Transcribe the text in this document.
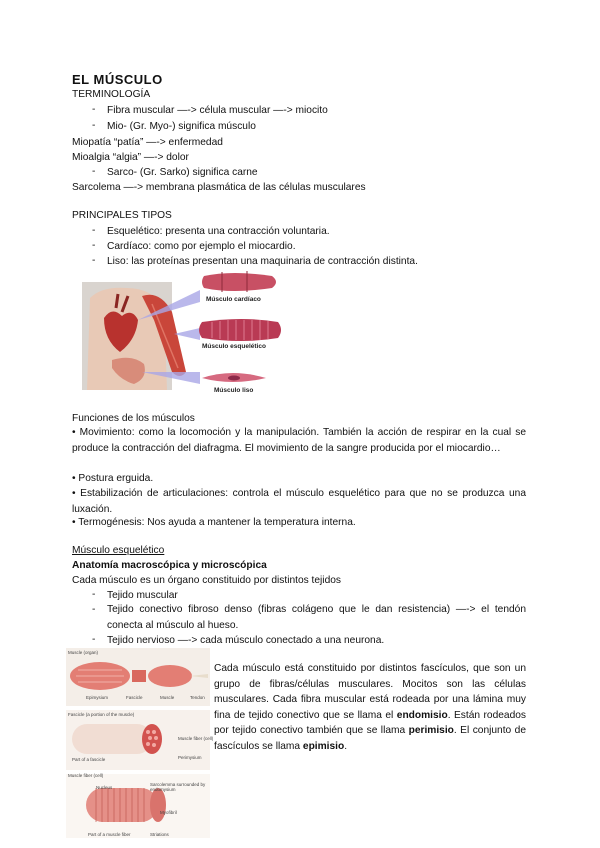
EL MÚSCULO
TERMINOLOGÍA
- Fibra muscular —-> célula muscular —-> miocito
- Mio- (Gr. Myo-) significa músculo
Miopatía “patía” —-> enfermedad
Mioalgia “algia” —-> dolor
- Sarco- (Gr. Sarko) significa carne
Sarcolema —-> membrana plasmática de las células musculares
PRINCIPALES TIPOS
- Esquelético: presenta una contracción voluntaria.
- Cardíaco: como por ejemplo el miocardio.
- Liso: las proteínas presentan una maquinaria de contracción distinta.
Músculo cardíaco
Músculo esquelético
Músculo liso
Funciones de los músculos
• Movimiento: como la locomoción y la manipulación. También la acción de respirar en la cual se produce la contracción del diafragma. El movimiento de la sangre producida por el miocardio…
• Postura erguida.
• Estabilización de articulaciones: controla el músculo esquelético para que no se produzca una luxación.
• Termogénesis: Nos ayuda a mantener la temperatura interna.
Músculo esquelético
Anatomía macroscópica y microscópica
Cada músculo es un órgano constituido por distintos tejidos
- Tejido muscular
- Tejido conectivo fibroso denso (fibras colágeno que le dan resistencia) —-> el tendón conecta al músculo al hueso.
- Tejido nervioso —-> cada músculo conectado a una neurona.
Muscle (organ)
Epimysium	Fascicle	Muscle	Tendon
Fascicle (a portion of the muscle)
Muscle fiber (cell)
Perimysium
Part of a fascicle
Muscle fiber (cell)
Nucleus
Sarcolemma surrounded by endomysium
Myofibril
Part of a muscle fiber	Striations
Cada músculo está constituido por distintos fascículos, que son un grupo de fibras/células musculares. Mocitos son las células musculares. Cada fibra muscular está rodeada por una lámina muy fina de tejido conectivo que se llama el endomisio. Están rodeados por tejido conectivo también que se llama perimisio. El conjunto de fascículos se llama epimisio.
